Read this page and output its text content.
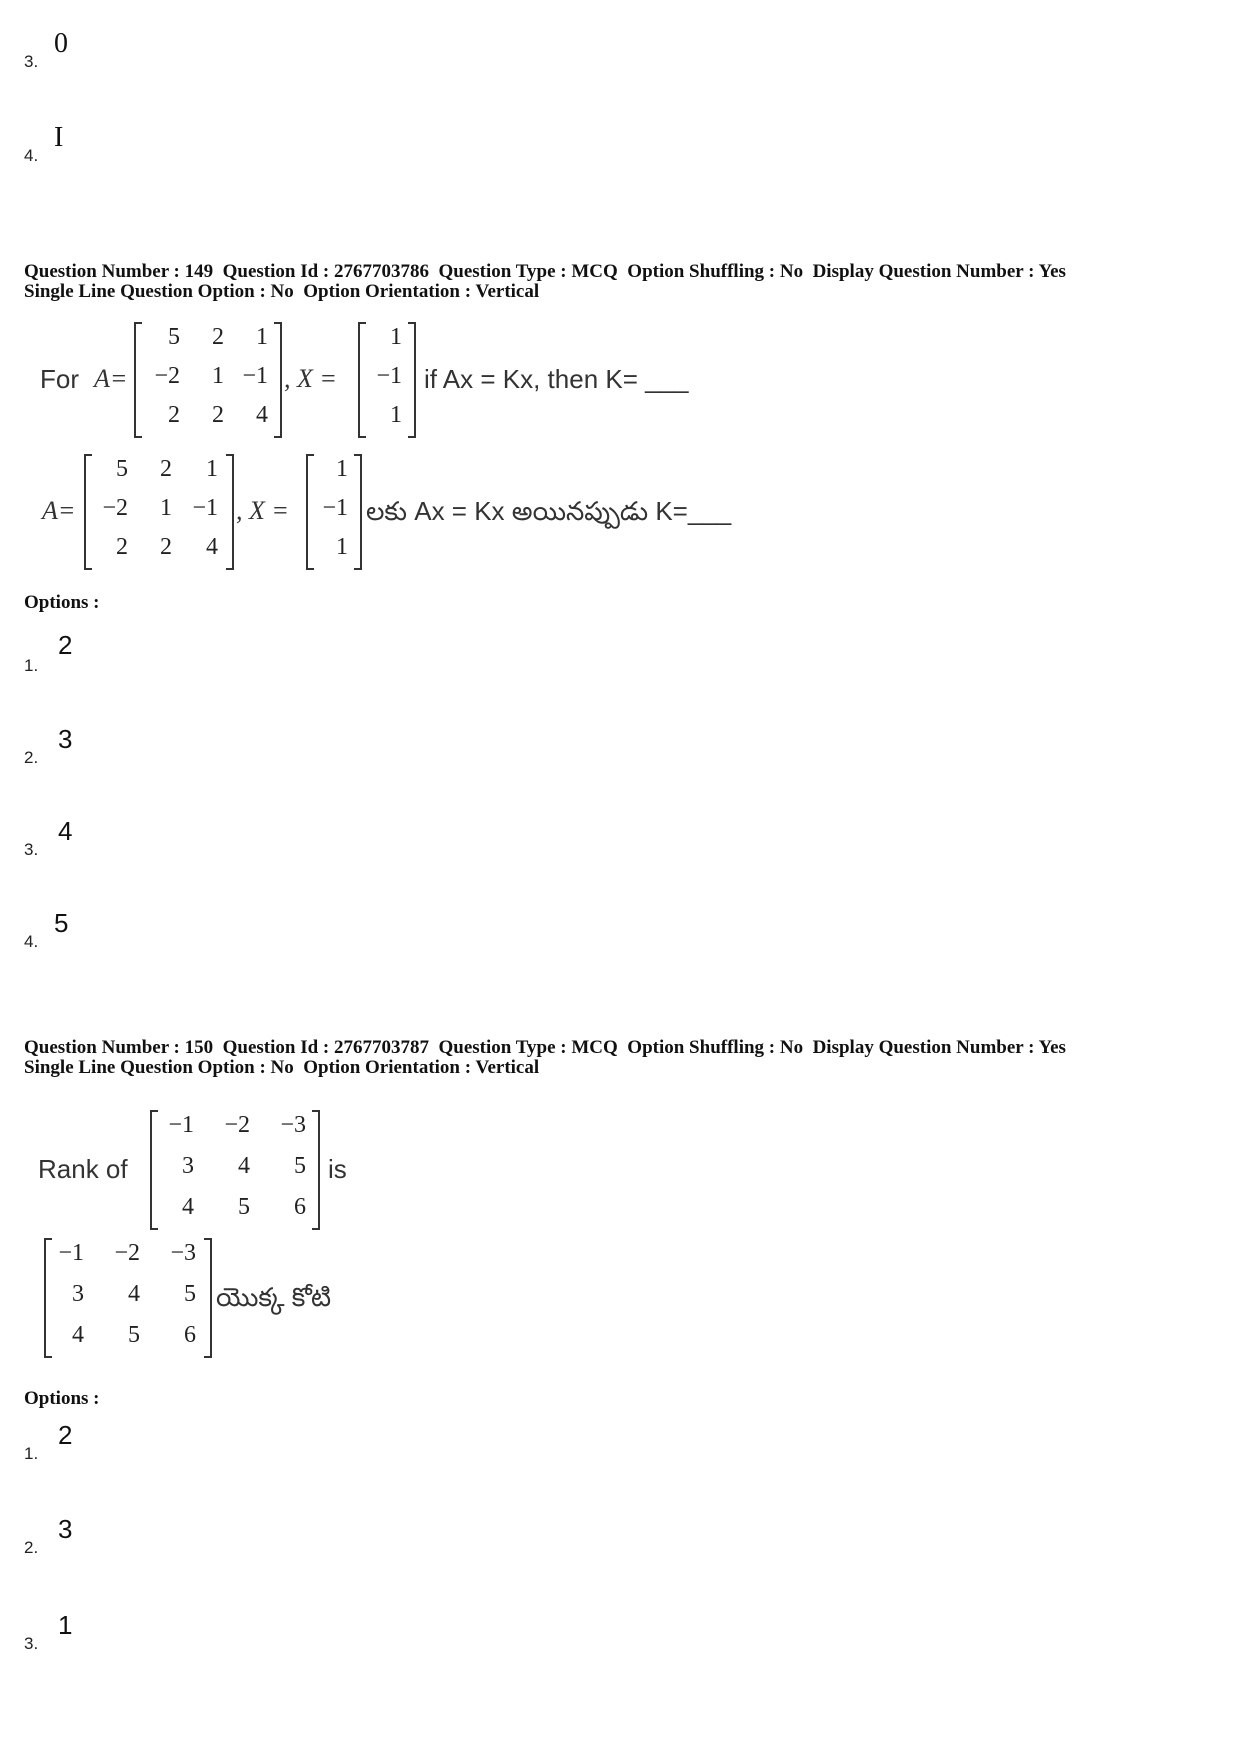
3.
0
4.
I
Question Number : 149  Question Id : 2767703786  Question Type : MCQ  Option Shuffling : No  Display Question Number : Yes
Single Line Question Option : No  Option Orientation : Vertical
For A=
5	2	1
−2	1 −1
2	2	4
, X =
1
−1
1
if Ax = Kx, then K= ___
A=
5	2	1
−2	1 −1
2	2	4
, X =
1
−1
1
లకు Ax = Kx అయినప్పుడు K=___
Options :
1.
2
2.
3
3.
4
4.
5
Question Number : 150  Question Id : 2767703787  Question Type : MCQ  Option Shuffling : No  Display Question Number : Yes
Single Line Question Option : No  Option Orientation : Vertical
Rank of
−1	−2	−3
3	4	5
4	5	6
is
−1	−2	−3
3	4	5
4	5	6
యొక్క కోటి
Options :
1.
2
2.
3
3.
1
